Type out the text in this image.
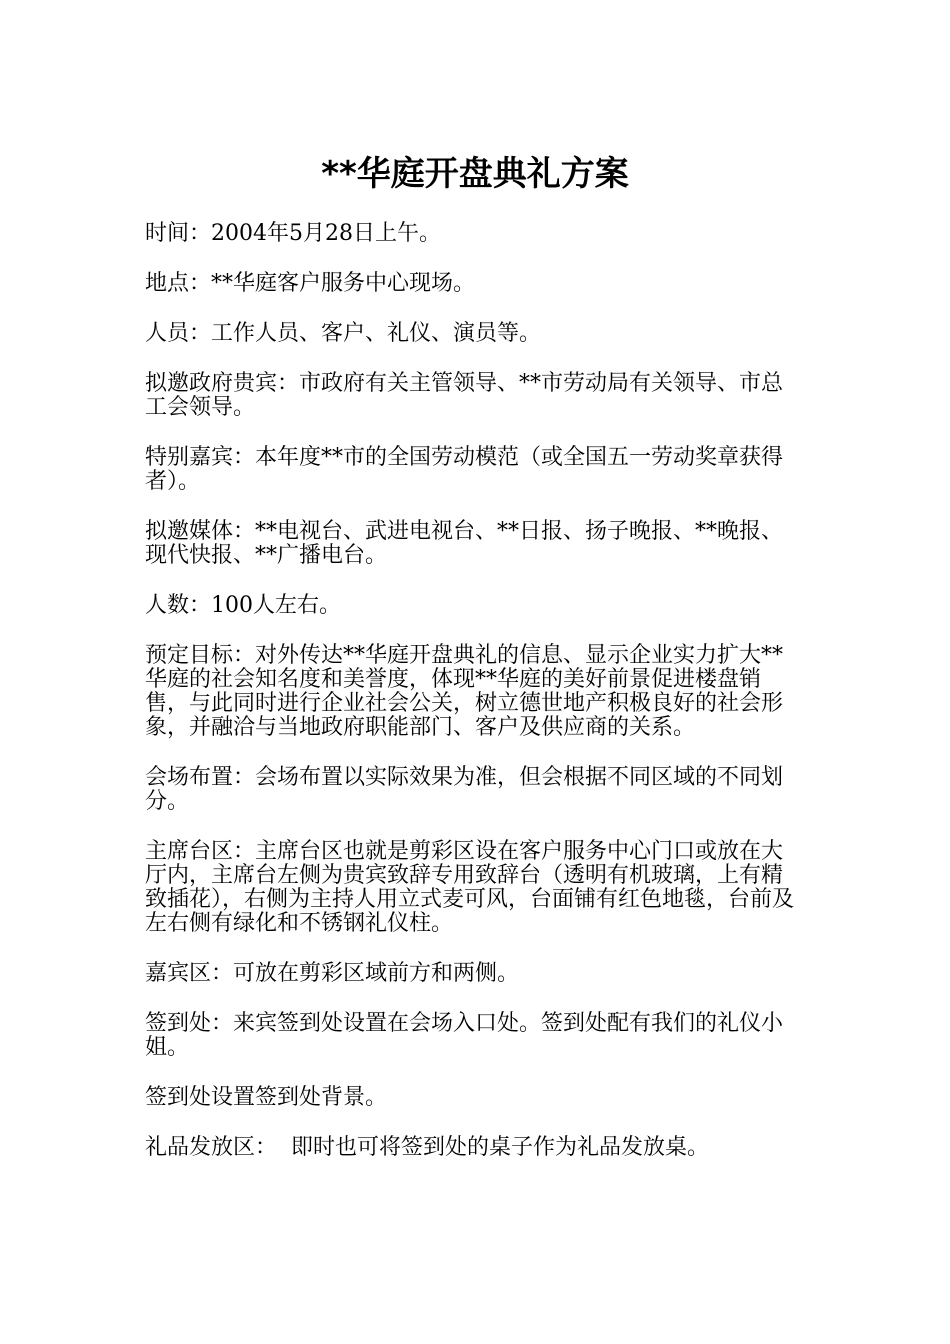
**华庭开盘典礼方案

时间：2004年5月28日上午。

地点：**华庭客户服务中心现场。

人员：工作人员、客户、礼仪、演员等。

拟邀政府贵宾：市政府有关主管领导、**市劳动局有关领导、市总工会领导。

特别嘉宾：本年度**市的全国劳动模范（或全国五一劳动奖章获得者）。

拟邀媒体：**电视台、武进电视台、**日报、扬子晚报、**晚报、现代快报、**广播电台。

人数：100人左右。

预定目标：对外传达**华庭开盘典礼的信息、显示企业实力扩大**华庭的社会知名度和美誉度，体现**华庭的美好前景促进楼盘销售，与此同时进行企业社会公关，树立德世地产积极良好的社会形象，并融洽与当地政府职能部门、客户及供应商的关系。

会场布置：会场布置以实际效果为准，但会根据不同区域的不同划分。

主席台区：主席台区也就是剪彩区设在客户服务中心门口或放在大厅内，主席台左侧为贵宾致辞专用致辞台（透明有机玻璃，上有精致插花），右侧为主持人用立式麦可风，台面铺有红色地毯，台前及左右侧有绿化和不锈钢礼仪柱。

嘉宾区：可放在剪彩区域前方和两侧。

签到处：来宾签到处设置在会场入口处。签到处配有我们的礼仪小姐。

签到处设置签到处背景。

礼品发放区：  即时也可将签到处的桌子作为礼品发放桌。
